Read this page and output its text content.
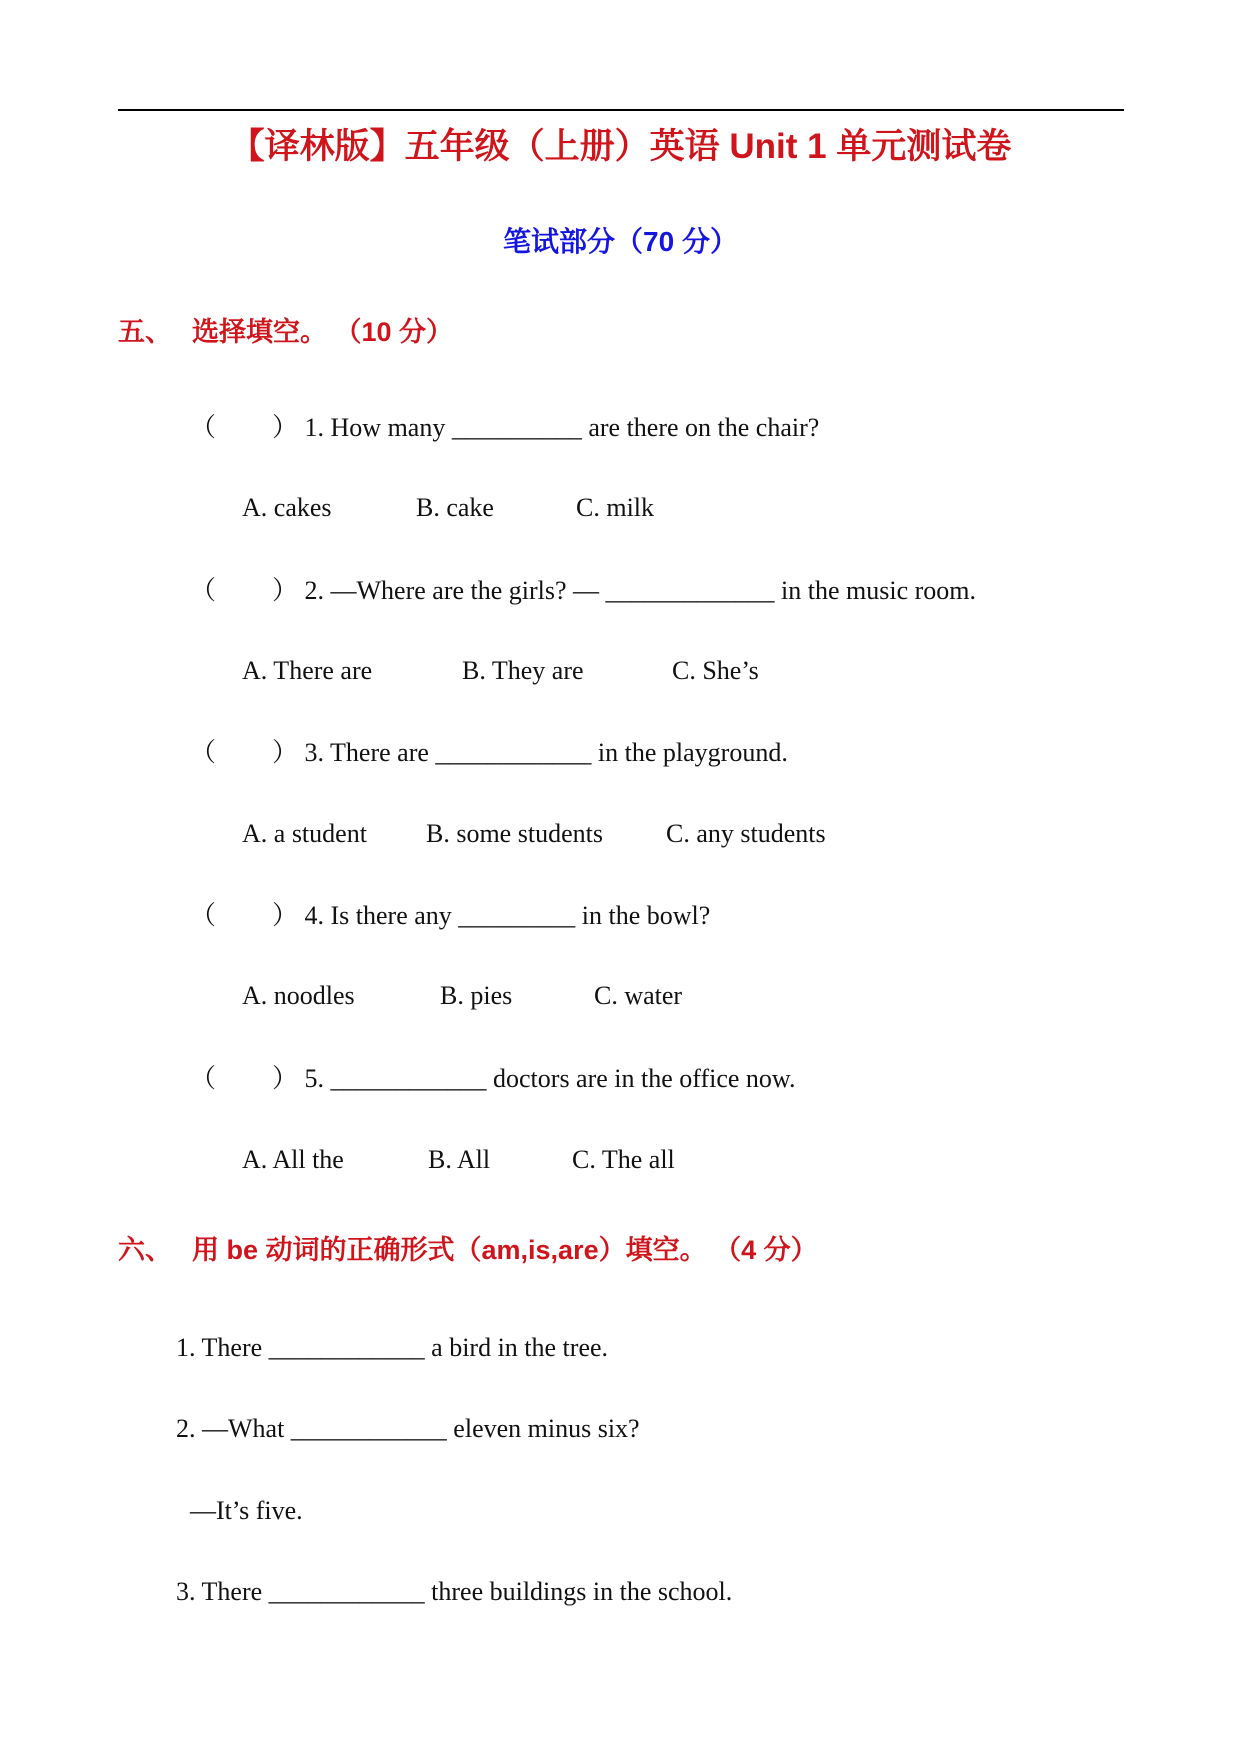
【译林版】五年级（上册）英语 Unit 1 单元测试卷
笔试部分（70 分）
五、 选择填空。 （10 分）
（ ） 1. How many __________ are there on the chair?
A. cakes	B. cake	C. milk
（ ） 2. —Where are the girls? — _____________ in the music room.
A. There are	B. They are	C. She’s
（ ） 3. There are ____________ in the playground.
A. a student B. some students C. any students
（ ） 4. Is there any _________ in the bowl?
A. noodles	B. pies	C. water
（ ） 5. ____________ doctors are in the office now.
A. All the	B. All	C. The all
六、 用 be 动词的正确形式（am,is,are）填空。 （4 分）
1. There ____________ a bird in the tree.
2. —What ____________ eleven minus six?
—It’s five.
3. There ____________ three buildings in the school.
